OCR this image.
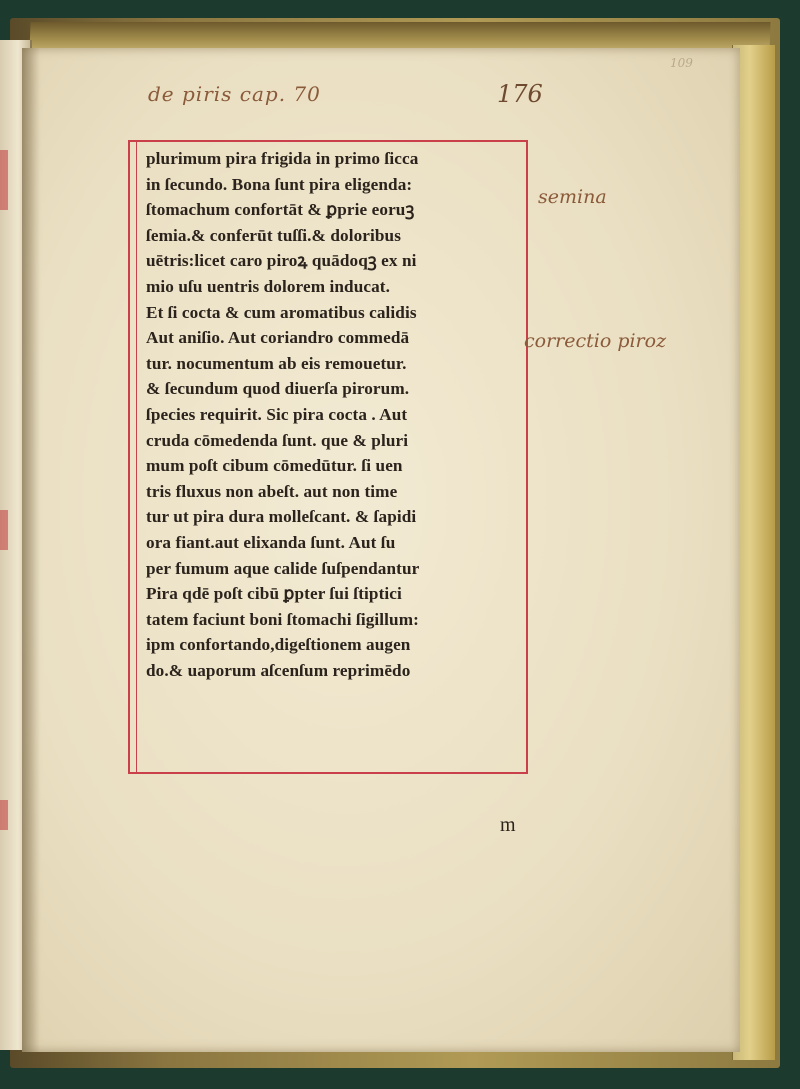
de piris cap. 70	176
109
plurimum pira frigida in primo ſicca
in ſecundo. Bona ſunt pira eligenda:
ſtomachum confortāt & ꝑprie eoruꝫ
ſemia.& conferūt tuſſi.& doloribus
uētris:licet caro piroꝝ quādoqꝫ ex ni
mio uſu uentris dolorem inducat.
Et ſi cocta & cum aromatibus calidis
Aut aniſio. Aut coriandro commedā
tur. nocumentum ab eis remouetur.
& ſecundum quod diuerſa pirorum.
ſpecies requirit. Sic pira cocta . Aut
cruda cōmedenda ſunt. que & pluri
mum poſt cibum cōmedūtur. ſi uen
tris fluxus non abeſt. aut non time
tur ut pira dura molleſcant. & ſapidi
ora fiant.aut elixanda ſunt. Aut ſu
per fumum aque calide ſuſpendantur
Pira qdē poſt cibū ꝑpter ſui ſtiptici
tatem faciunt boni ſtomachi ſigillum:
ipm confortando,digeſtionem augen
do.& uaporum aſcenſum reprimēdo
semina
correctio piroz
m
